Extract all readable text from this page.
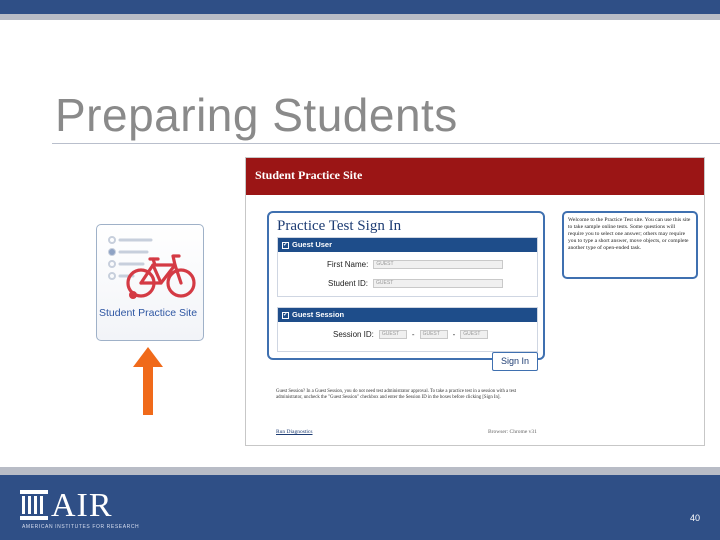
Preparing Students
Student Practice Site
Student Practice Site
Practice Test Sign In
✓ Guest User
First Name:	GUEST
Student ID:	GUEST
✓ Guest Session
Session ID:	GUEST	-	GUEST	-	GUEST
Sign In
Welcome to the Practice Test site. You can use this site to take sample online tests. Some questions will require you to select one answer; others may require you to type a short answer, move objects, or complete another type of open-ended task.
Guest Session? In a Guest Session, you do not need test administrator approval. To take a practice test in a session with a test administrator, uncheck the "Guest Session" checkbox and enter the Session ID in the boxes before clicking [Sign In].
Run Diagnostics	Browser: Chrome v31
AIR
AMERICAN INSTITUTES FOR RESEARCH
40
